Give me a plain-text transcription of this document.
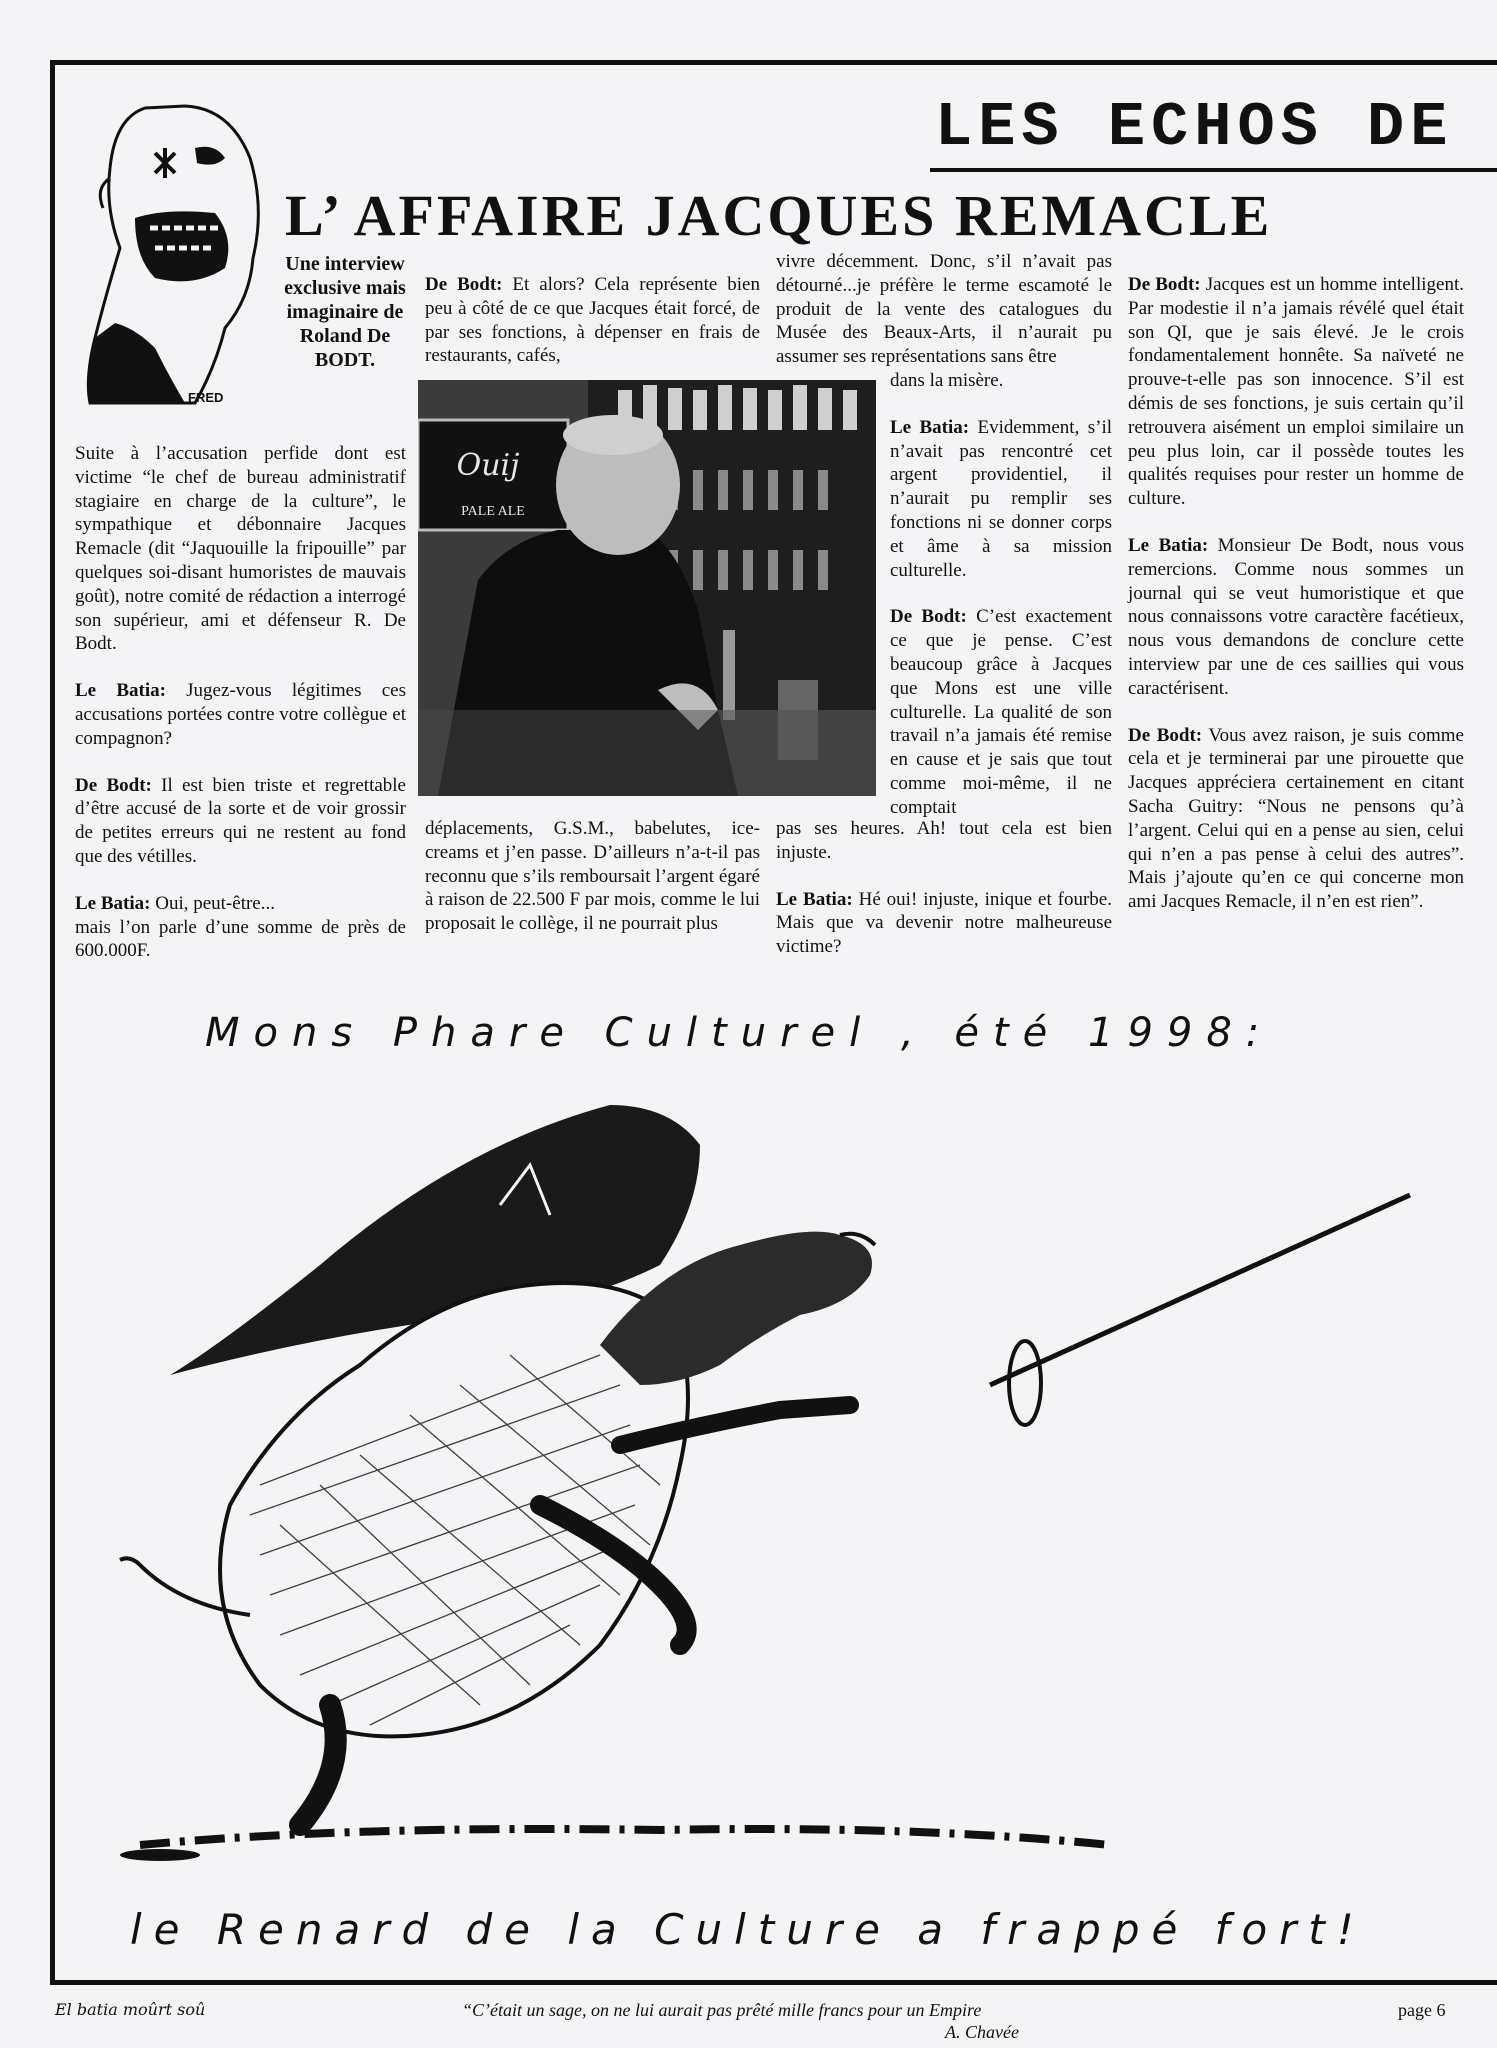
LES ECHOS DE
L’ AFFAIRE JACQUES REMACLE
FRED
Une interview exclusive mais imaginaire de Roland De BODT.

Suite à l’accusation perfide dont est victime “le chef de bureau administratif stagiaire en charge de la culture”, le sympathique et débonnaire Jacques Remacle (dit “Jaquouille la fripouille” par quelques soi-disant humoristes de mauvais goût), notre comité de rédaction a interrogé son supérieur, ami et défenseur R. De Bodt.

Le Batia: Jugez-vous légitimes ces accusations portées contre votre collègue et compagnon?

De Bodt: Il est bien triste et regrettable d’être accusé de la sorte et de voir grossir de petites erreurs qui ne restent au fond que des vétilles.

Le Batia: Oui, peut-être...
mais l’on parle d’une somme de près de 600.000F.

De Bodt: Et alors? Cela représente bien peu à côté de ce que Jacques était forcé, de par ses fonctions, à dépenser en frais de restaurants, cafés,

Ouij
PALE ALE

déplacements, G.S.M., babelutes, ice-creams et j’en passe. D’ailleurs n’a-t-il pas reconnu que s’ils remboursait l’argent égaré à raison de 22.500 F par mois, comme le lui proposait le collège, il ne pourrait plus

vivre décemment. Donc, s’il n’avait pas détourné...je préfère le terme escamoté le produit de la vente des catalogues du Musée des Beaux-Arts, il n’aurait pu assumer ses représentations sans être

dans la misère.

Le Batia: Evidemment, s’il n’avait pas rencontré cet argent providentiel, il n’aurait pu remplir ses fonctions ni se donner corps et âme à sa mission culturelle.

De Bodt: C’est exactement ce que je pense. C’est beaucoup grâce à Jacques que Mons est une ville culturelle. La qualité de son travail n’a jamais été remise en cause et je sais que tout comme moi-même, il ne comptait

pas ses heures. Ah! tout cela est bien injuste.

Le Batia: Hé oui! injuste, inique et fourbe. Mais que va devenir notre malheureuse victime?

De Bodt: Jacques est un homme intelligent. Par modestie il n’a jamais révélé quel était son QI, que je sais élevé. Je le crois fondamentalement honnête. Sa naïveté ne prouve-t-elle pas son innocence. S’il est démis de ses fonctions, je suis certain qu’il retrouvera aisément un emploi similaire un peu plus loin, car il possède toutes les qualités requises pour rester un homme de culture.

Le Batia: Monsieur De Bodt, nous vous remercions. Comme nous sommes un journal qui se veut humoristique et que nous connaissons votre caractère facétieux, nous vous demandons de conclure cette interview par une de ces saillies qui vous caractérisent.

De Bodt: Vous avez raison, je suis comme cela et je terminerai par une pirouette que Jacques appréciera certainement en citant Sacha Guitry: “Nous ne pensons qu’à l’argent. Celui qui en a pense au sien, celui qui n’en a pas pense à celui des autres”. Mais j’ajoute qu’en ce qui concerne mon ami Jacques Remacle, il n’en est rien”.

Mons Phare Culturel , été 1998:
le Renard de la Culture a frappé fort!
El batia moûrt soû	“C’était un sage, on ne lui aurait pas prêté mille francs pour un Empire
A. Chavée
page 6
